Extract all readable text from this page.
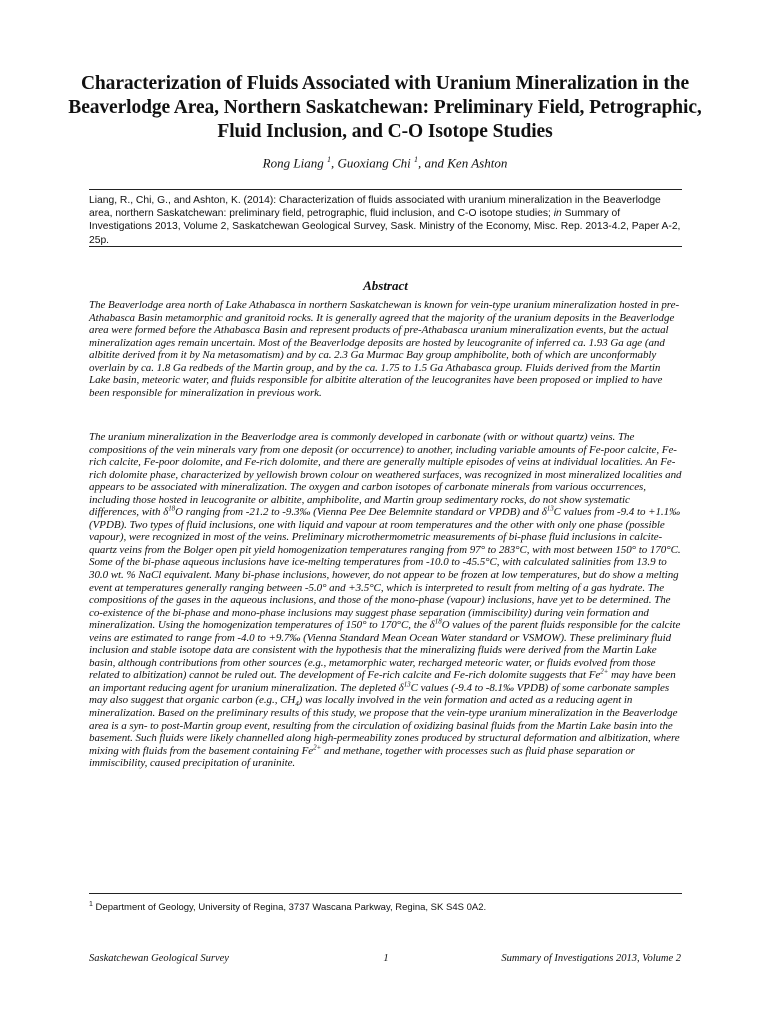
Characterization of Fluids Associated with Uranium Mineralization in the Beaverlodge Area, Northern Saskatchewan: Preliminary Field, Petrographic, Fluid Inclusion, and C-O Isotope Studies
Rong Liang $^1$, Guoxiang Chi $^1$, and Ken Ashton
Liang, R., Chi, G., and Ashton, K. (2014): Characterization of fluids associated with uranium mineralization in the Beaverlodge area, northern Saskatchewan: preliminary field, petrographic, fluid inclusion, and C-O isotope studies; in Summary of Investigations 2013, Volume 2, Saskatchewan Geological Survey, Sask. Ministry of the Economy, Misc. Rep. 2013-4.2, Paper A-2, 25p.
Abstract
The Beaverlodge area north of Lake Athabasca in northern Saskatchewan is known for vein-type uranium mineralization hosted in pre-Athabasca Basin metamorphic and granitoid rocks. It is generally agreed that the majority of the uranium deposits in the Beaverlodge area were formed before the Athabasca Basin and represent products of pre-Athabasca uranium mineralization events, but the actual mineralization ages remain uncertain. Most of the Beaverlodge deposits are hosted by leucogranite of inferred ca. 1.93 Ga age (and albitite derived from it by Na metasomatism) and by ca. 2.3 Ga Murmac Bay group amphibolite, both of which are unconformably overlain by ca. 1.8 Ga redbeds of the Martin group, and by the ca. 1.75 to 1.5 Ga Athabasca group. Fluids derived from the Martin Lake basin, meteoric water, and fluids responsible for albitite alteration of the leucogranites have been proposed or implied to have been responsible for mineralization in previous work.
The uranium mineralization in the Beaverlodge area is commonly developed in carbonate (with or without quartz) veins. The compositions of the vein minerals vary from one deposit (or occurrence) to another, including variable amounts of Fe-poor calcite, Fe-rich calcite, Fe-poor dolomite, and Fe-rich dolomite, and there are generally multiple episodes of veins at individual localities. An Fe-rich dolomite phase, characterized by yellowish brown colour on weathered surfaces, was recognized in most mineralized localities and appears to be associated with mineralization. The oxygen and carbon isotopes of carbonate minerals from various occurrences, including those hosted in leucogranite or albitite, amphibolite, and Martin group sedimentary rocks, do not show systematic differences, with $\delta^{18}O$ ranging from -21.2 to -9.3‰ (Vienna Pee Dee Belemnite standard or VPDB) and $\delta^{13}C$ values from -9.4 to +1.1‰ (VPDB). Two types of fluid inclusions, one with liquid and vapour at room temperatures and the other with only one phase (possible vapour), were recognized in most of the veins. Preliminary microthermometric measurements of bi-phase fluid inclusions in calcite-quartz veins from the Bolger open pit yield homogenization temperatures ranging from 97° to 283°C, with most between 150° to 170°C. Some of the bi-phase aqueous inclusions have ice-melting temperatures from -10.0 to -45.5°C, with calculated salinities from 13.9 to 30.0 wt. % NaCl equivalent. Many bi-phase inclusions, however, do not appear to be frozen at low temperatures, but do show a melting event at temperatures generally ranging between -5.0° and +3.5°C, which is interpreted to result from melting of a gas hydrate. The compositions of the gases in the aqueous inclusions, and those of the mono-phase (vapour) inclusions, have yet to be determined. The co-existence of the bi-phase and mono-phase inclusions may suggest phase separation (immiscibility) during vein formation and mineralization. Using the homogenization temperatures of 150° to 170°C, the $\delta^{18}O$ values of the parent fluids responsible for the calcite veins are estimated to range from -4.0 to +9.7‰ (Vienna Standard Mean Ocean Water standard or VSMOW). These preliminary fluid inclusion and stable isotope data are consistent with the hypothesis that the mineralizing fluids were derived from the Martin Lake basin, although contributions from other sources (e.g., metamorphic water, recharged meteoric water, or fluids evolved from those related to albitization) cannot be ruled out. The development of Fe-rich calcite and Fe-rich dolomite suggests that $Fe^{2+}$ may have been an important reducing agent for uranium mineralization. The depleted $\delta^{13}C$ values (-9.4 to -8.1‰ VPDB) of some carbonate samples may also suggest that organic carbon (e.g., $CH_4$) was locally involved in the vein formation and acted as a reducing agent in mineralization. Based on the preliminary results of this study, we propose that the vein-type uranium mineralization in the Beaverlodge area is a syn- to post-Martin group event, resulting from the circulation of oxidizing basinal fluids from the Martin Lake basin into the basement. Such fluids were likely channelled along high-permeability zones produced by structural deformation and albitization, where mixing with fluids from the basement containing $Fe^{2+}$ and methane, together with processes such as fluid phase separation or immiscibility, caused precipitation of uraninite.
$^1$ Department of Geology, University of Regina, 3737 Wascana Parkway, Regina, SK S4S 0A2.
Saskatchewan Geological Survey	1	Summary of Investigations 2013, Volume 2
